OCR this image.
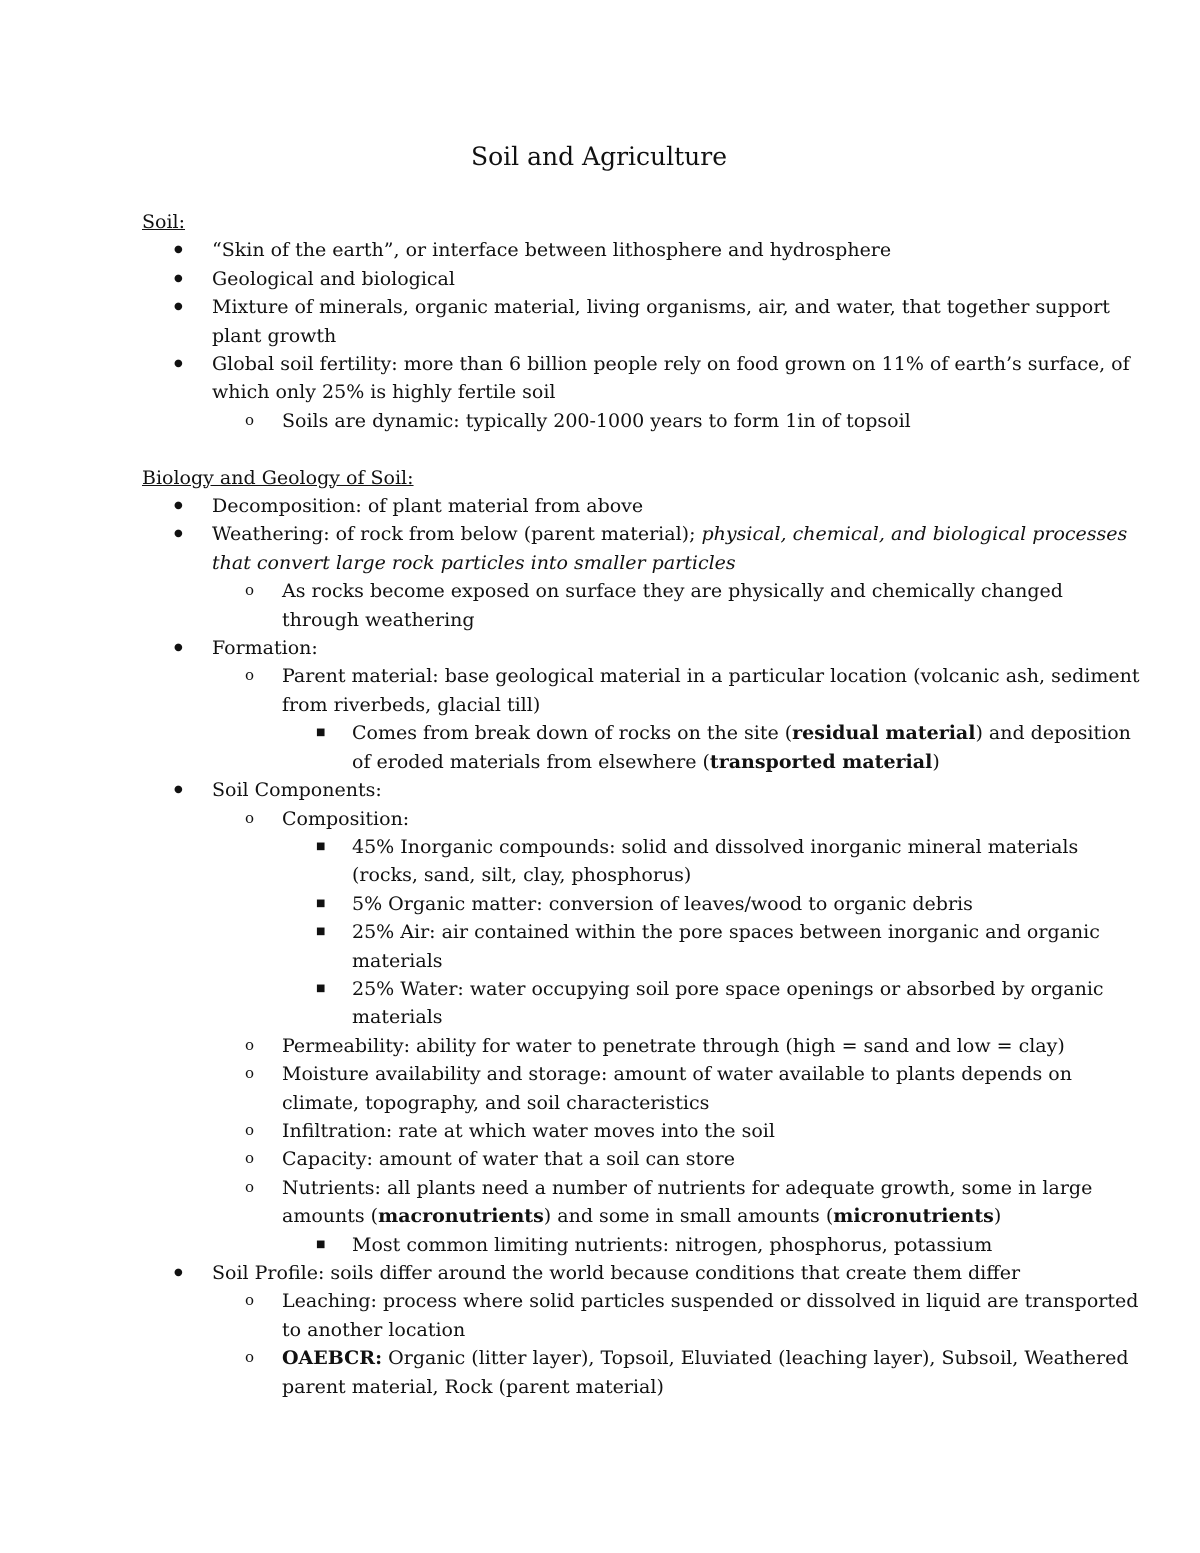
Soil and Agriculture

Soil:

● “Skin of the earth”, or interface between lithosphere and hydrosphere
● Geological and biological
● Mixture of minerals, organic material, living organisms, air, and water, that together support plant growth
● Global soil fertility: more than 6 billion people rely on food grown on 11% of earth’s surface, of which only 25% is highly fertile soil
o Soils are dynamic: typically 200-1000 years to form 1in of topsoil

Biology and Geology of Soil:

● Decomposition: of plant material from above
● Weathering: of rock from below (parent material); physical, chemical, and biological processes that convert large rock particles into smaller particles
o As rocks become exposed on surface they are physically and chemically changed through weathering
● Formation:
o Parent material: base geological material in a particular location (volcanic ash, sediment from riverbeds, glacial till)
■ Comes from break down of rocks on the site (residual material) and deposition of eroded materials from elsewhere (transported material)
● Soil Components:
o Composition:
■ 45% Inorganic compounds: solid and dissolved inorganic mineral materials (rocks, sand, silt, clay, phosphorus)
■ 5% Organic matter: conversion of leaves/wood to organic debris
■ 25% Air: air contained within the pore spaces between inorganic and organic materials
■ 25% Water: water occupying soil pore space openings or absorbed by organic materials
o Permeability: ability for water to penetrate through (high = sand and low = clay)
o Moisture availability and storage: amount of water available to plants depends on climate, topography, and soil characteristics
o Infiltration: rate at which water moves into the soil
o Capacity: amount of water that a soil can store
o Nutrients: all plants need a number of nutrients for adequate growth, some in large amounts (macronutrients) and some in small amounts (micronutrients)
■ Most common limiting nutrients: nitrogen, phosphorus, potassium
● Soil Profile: soils differ around the world because conditions that create them differ
o Leaching: process where solid particles suspended or dissolved in liquid are transported to another location
o OAEBCR: Organic (litter layer), Topsoil, Eluviated (leaching layer), Subsoil, Weathered parent material, Rock (parent material)
